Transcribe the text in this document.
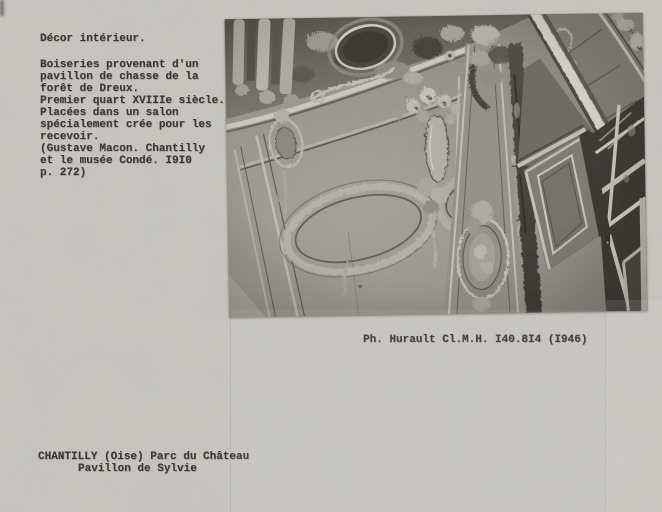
Décor intérieur.
Boiseries provenant d'un
pavillon de chasse de la
forêt de Dreux.
Premier quart XVIIIe siècle.
Placées dans un salon
spécialement crée pour les
recevoir.
(Gustave Macon. Chantilly
et le musée Condé. I9I0
p. 272)
Ph. Hurault Cl.M.H. I40.8I4 (I946)
CHANTILLY (Oise) Parc du Château
Pavillon de Sylvie
